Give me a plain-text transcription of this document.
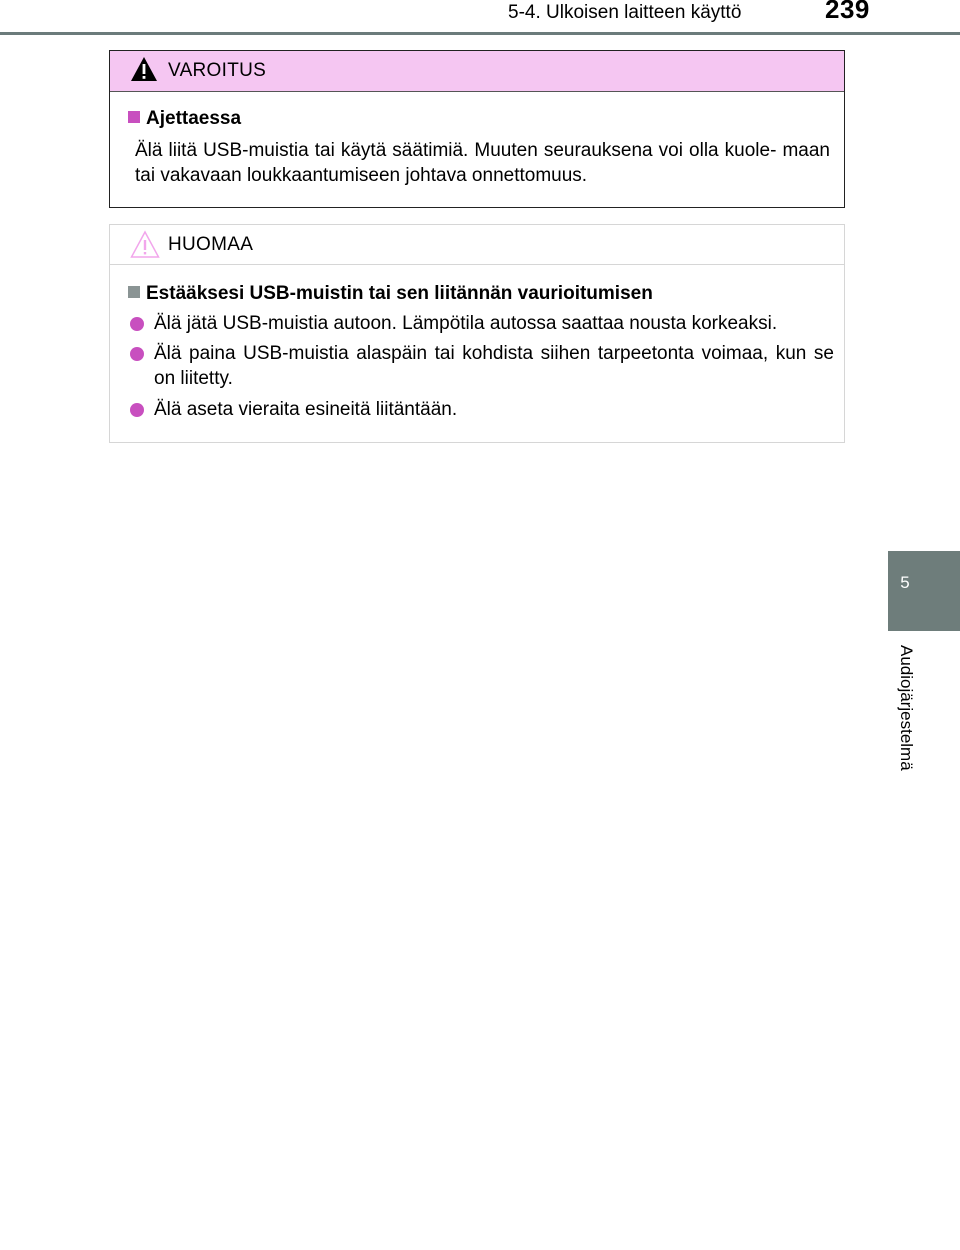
5-4. Ulkoisen laitteen käyttö	239
5
Audiojärjestelmä
VAROITUS
Ajettaessa
Älä liitä USB-muistia tai käytä säätimiä. Muuten seurauksena voi olla kuole- maan tai vakavaan loukkaantumiseen johtava onnettomuus.
HUOMAA
Estääksesi USB-muistin tai sen liitännän vaurioitumisen
Älä jätä USB-muistia autoon. Lämpötila autossa saattaa nousta korkeaksi.
Älä paina USB-muistia alaspäin tai kohdista siihen tarpeetonta voimaa, kun se on liitetty.
Älä aseta vieraita esineitä liitäntään.
